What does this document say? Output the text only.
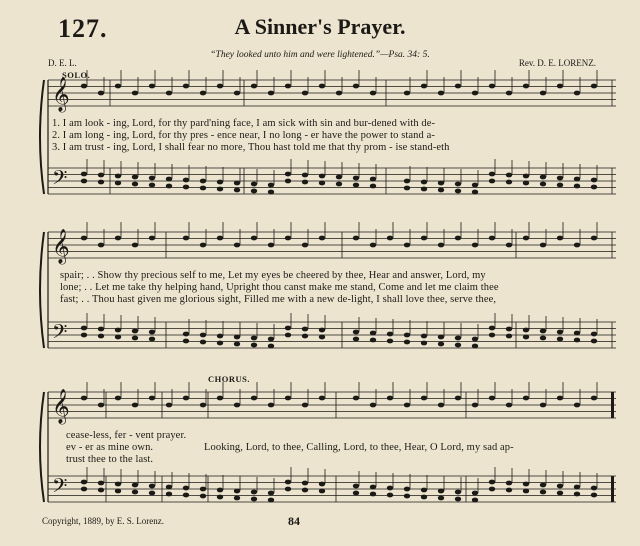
127.	A Sinner's Prayer.
“They looked unto him and were lightened.”—Psa. 34: 5.
D. E. L.	Rev. D. E. LORENZ.
𝄞
𝄢
𝄞
𝄢
𝄞
𝄢
SOLO.
CHORUS.
1. I am look - ing, Lord, for thy pard'ning face, I am sick with sin and bur-dened with de-
2. I am long - ing, Lord, for thy pres - ence near, I no long - er have the power to stand a-
3. I am trust - ing, Lord, I shall fear no more, Thou hast told me that thy prom - ise stand-eth
spair; . . Show thy precious self to me, Let my eyes be cheered by thee, Hear and answer, Lord, my
lone; . . Let me take thy helping hand, Upright thou canst make me stand, Come and let me claim thee
fast; . . Thou hast given me glorious sight, Filled me with a new de-light, I shall love thee, serve thee,
cease-less, fer - vent prayer.
ev - er as mine own.
trust thee to the last.
Looking, Lord, to thee, Calling, Lord, to thee, Hear, O Lord, my sad ap-
Copyright, 1889, by E. S. Lorenz.	84
